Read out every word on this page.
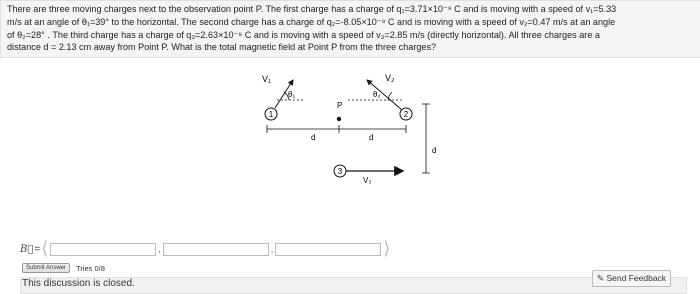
There are three moving charges next to the observation point P. The first charge has a charge of q₁=3.71×10⁻⁹ C and is moving with a speed of v₁=5.33
m/s at an angle of θ₁=39° to the horizontal. The second charge has a charge of q₂=-8.05×10⁻⁸ C and is moving with a speed of v₂=0.47 m/s at an angle
of θ₂=28° . The third charge has a charge of q₃=2.63×10⁻⁹ C and is moving with a speed of v₃=2.85 m/s (directly horizontal). All three charges are a
distance d = 2.13 cm away from Point P. What is the total magnetic field at Point P from the three charges?
1
V₁
θ₁
P
d
V₂
θ₂
2
d
d
3
V₃
B⃗ = ⟨	,	,	⟩
Submit Answer	Tries 0/8
This discussion is closed.	✎ Send Feedback
